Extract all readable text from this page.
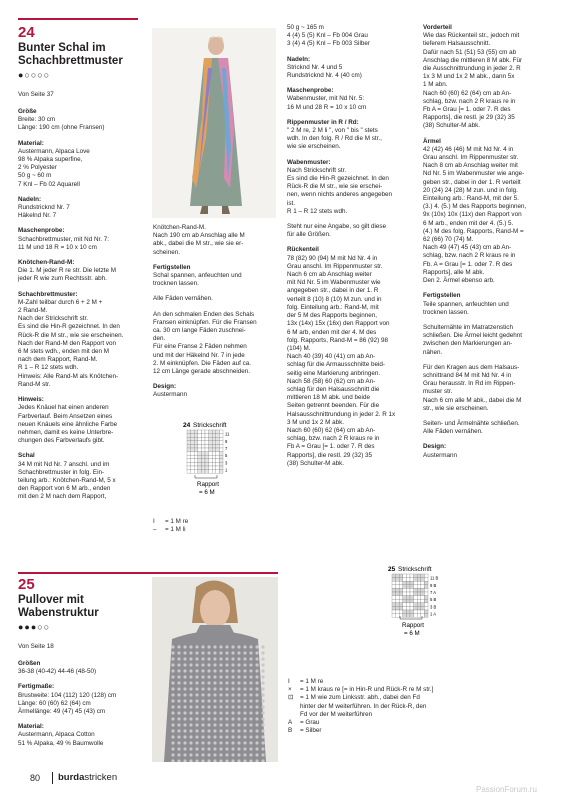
24
Bunter Schal im
Schachbrettmuster
●○○○○
Von Seite 37

Größe
Breite: 30 cm
Länge: 190 cm (ohne Fransen)

Material:
Austermann, Alpaca Love
98 % Alpaka superfine,
2 % Polyester
50 g ~ 60 m
7 Knl – Fb 02 Aquarell

Nadeln:
Rundstricknd Nr. 7
Häkelnd Nr. 7

Maschenprobe:
Schachbrettmuster, mit Nd Nr. 7:
11 M und 18 R = 10 x 10 cm

Knötchen-Rand-M:
Die 1. M jeder R re str. Die letzte M
jeder R wie zum Rechtsstr. abh.

Schachbrettmuster:
M-Zahl teilbar durch 6 + 2 M +
2 Rand-M.
Nach der Strickschrift str.
Es sind die Hin-R gezeichnet. In den
Rück-R die M str., wie sie erscheinen.
Nach der Rand-M den Rapport von
6 M stets wdh., enden mit den M
nach dem Rapport, Rand-M.
R 1 – R 12 stets wdh.
Hinweis: Alle Rand-M als Knötchen-
Rand-M str.

Hinweis:
Jedes Knäuel hat einen anderen
Farbverlauf. Beim Ansetzen eines
neuen Knäuels eine ähnliche Farbe
nehmen, damit es keine Unterbre-
chungen des Farbverlaufs gibt.

Schal
34 M mit Nd Nr. 7 anschl. und im
Schachbrettmuster in folg. Ein-
teilung arb.: Knötchen-Rand-M, 5 x
den Rapport von 6 M arb., enden
mit den 2 M nach dem Rapport,

Knötchen-Rand-M.
Nach 190 cm ab Anschlag alle M
abk., dabei die M str., wie sie er-
scheinen.

Fertigstellen
Schal spannen, anfeuchten und
trocknen lassen.

Alle Fäden vernähen.

An den schmalen Enden des Schals
Fransen einknüpfen. Für die Fransen
ca. 30 cm lange Fäden zuschnei-
den.
Für eine Franse 2 Fäden nehmen
und mit der Häkelnd Nr. 7 in jede
2. M einknüpfen. Die Fäden auf ca.
12 cm Länge gerade abschneiden.

Design:
Austermann

24 Strickschrift
11
9
7
5
3
1
Rapport
= 6 M
I	= 1 M re
–	= 1 M li

50 g ~ 165 m
4 (4) 5 (5) Knl – Fb 004 Grau
3 (4) 4 (5) Knl – Fb 003 Silber

Nadeln:
Stricknd Nr. 4 und 5
Rundstricknd Nr. 4 (40 cm)

Maschenprobe:
Wabenmuster, mit Nd Nr. 5:
16 M und 28 R = 10 x 10 cm

Rippenmuster in R / Rd:
" 2 M re, 2 M li ", von " bis " stets
wdh. In den folg. R / Rd die M str.,
wie sie erscheinen.

Wabenmuster:
Nach Strickschrift str.
Es sind die Hin-R gezeichnet. In den
Rück-R die M str., wie sie erschei-
nen, wenn nichts anderes angegeben
ist.
R 1 – R 12 stets wdh.

Steht nur eine Angabe, so gilt diese
für alle Größen.

Rückenteil
78 (82) 90 (94) M mit Nd Nr. 4 in
Grau anschl. Im Rippenmuster str.
Nach 6 cm ab Anschlag weiter
mit Nd Nr. 5 im Wabenmuster wie
angegeben str., dabei in der 1. R
verteilt 8 (10) 8 (10) M zun. und in
folg. Einteilung arb.: Rand-M, mit
der 5 M des Rapports beginnen,
13x (14x) 15x (16x) den Rapport von
6 M arb, enden mit der 4. M des
folg. Rapports, Rand-M = 86 (92) 98
(104) M.
Nach 40 (39) 40 (41) cm ab An-
schlag für die Armausschnitte beid-
seitig eine Markierung anbringen.
Nach 58 (58) 60 (62) cm ab An-
schlag für den Halsausschnitt die
mittleren 18 M abk. und beide
Seiten getrennt beenden. Für die
Halsausschnittrundung in jeder 2. R 1x
3 M und 1x 2 M abk.
Nach 60 (60) 62 (64) cm ab An-
schlag, bzw. nach 2 R kraus re in
Fb A = Grau [= 1. oder 7. R des
Rapports], die restl. 29 (32) 35
(38) Schulter-M abk.

Vorderteil
Wie das Rückenteil str., jedoch mit
tieferem Halsausschnitt.
Dafür nach 51 (51) 53 (55) cm ab
Anschlag die mittleren 8 M abk. Für
die Ausschnittrundung in jeder 2. R
1x 3 M und 1x 2 M abk., dann 5x
1 M abn.
Nach 60 (60) 62 (64) cm ab An-
schlag, bzw. nach 2 R kraus re in
Fb A = Grau [= 1. oder 7. R des
Rapports], die restl. je 29 (32) 35
(38) Schulter-M abk.

Ärmel
42 (42) 46 (46) M mit Nd Nr. 4 in
Grau anschl. Im Rippenmuster str.
Nach 8 cm ab Anschlag weiter mit
Nd Nr. 5 im Wabenmuster wie ange-
geben str., dabei in der 1. R verteilt
20 (24) 24 (28) M zun. und in folg.
Einteilung arb.: Rand-M, mit der 5.
(3.) 4. (5.) M des Rapports beginnen,
9x (10x) 10x (11x) den Rapport von
6 M arb., enden mit der 4. (5.) 5.
(4.) M des folg. Rapports, Rand-M =
62 (66) 70 (74) M.
Nach 49 (47) 45 (43) cm ab An-
schlag, bzw. nach 2 R kraus re in
Fb. A = Grau [= 1. oder 7. R des
Rapports], alle M abk.
Den 2. Ärmel ebenso arb.

Fertigstellen
Teile spannen, anfeuchten und
trocknen lassen.

Schulternähte im Matratzenstich
schließen. Die Ärmel leicht gedehnt
zwischen den Markierungen an-
nähen.

Für den Kragen aus dem Halsaus-
schnittrand 84 M mit Nd Nr. 4 in
Grau herausstr. In Rd im Rippen-
muster str.
Nach 6 cm alle M abk., dabei die M
str., wie sie erscheinen.

Seiten- und Ärmelnähte schließen.
Alle Fäden vernähen.

Design:
Austermann

25
Pullover mit
Wabenstruktur
●●●○○
Von Seite 18

Größen
36-38 (40-42) 44-46 (48-50)

Fertigmaße:
Brustweite: 104 (112) 120 (128) cm
Länge: 60 (60) 62 (64) cm
Ärmellänge: 49 (47) 45 (43) cm

Material:
Austermann, Alpaca Cotton
51 % Alpaka, 49 % Baumwolle

25 Strickschrift
11 B
9 B
7 A
5 B
3 B
1 A
Rapport
= 6 M
I	= 1 M re
×	= 1 M kraus re [= in Hin-R und Rück-R re M str.]
⊡	= 1 M wie zum Linksstr. abh., dabei den Fd
hinter der M weiterführen. In der Rück-R, den
Fd vor der M weiterführen
A	= Grau
B	= Silber
80 burdastricken
PassionForum.ru
